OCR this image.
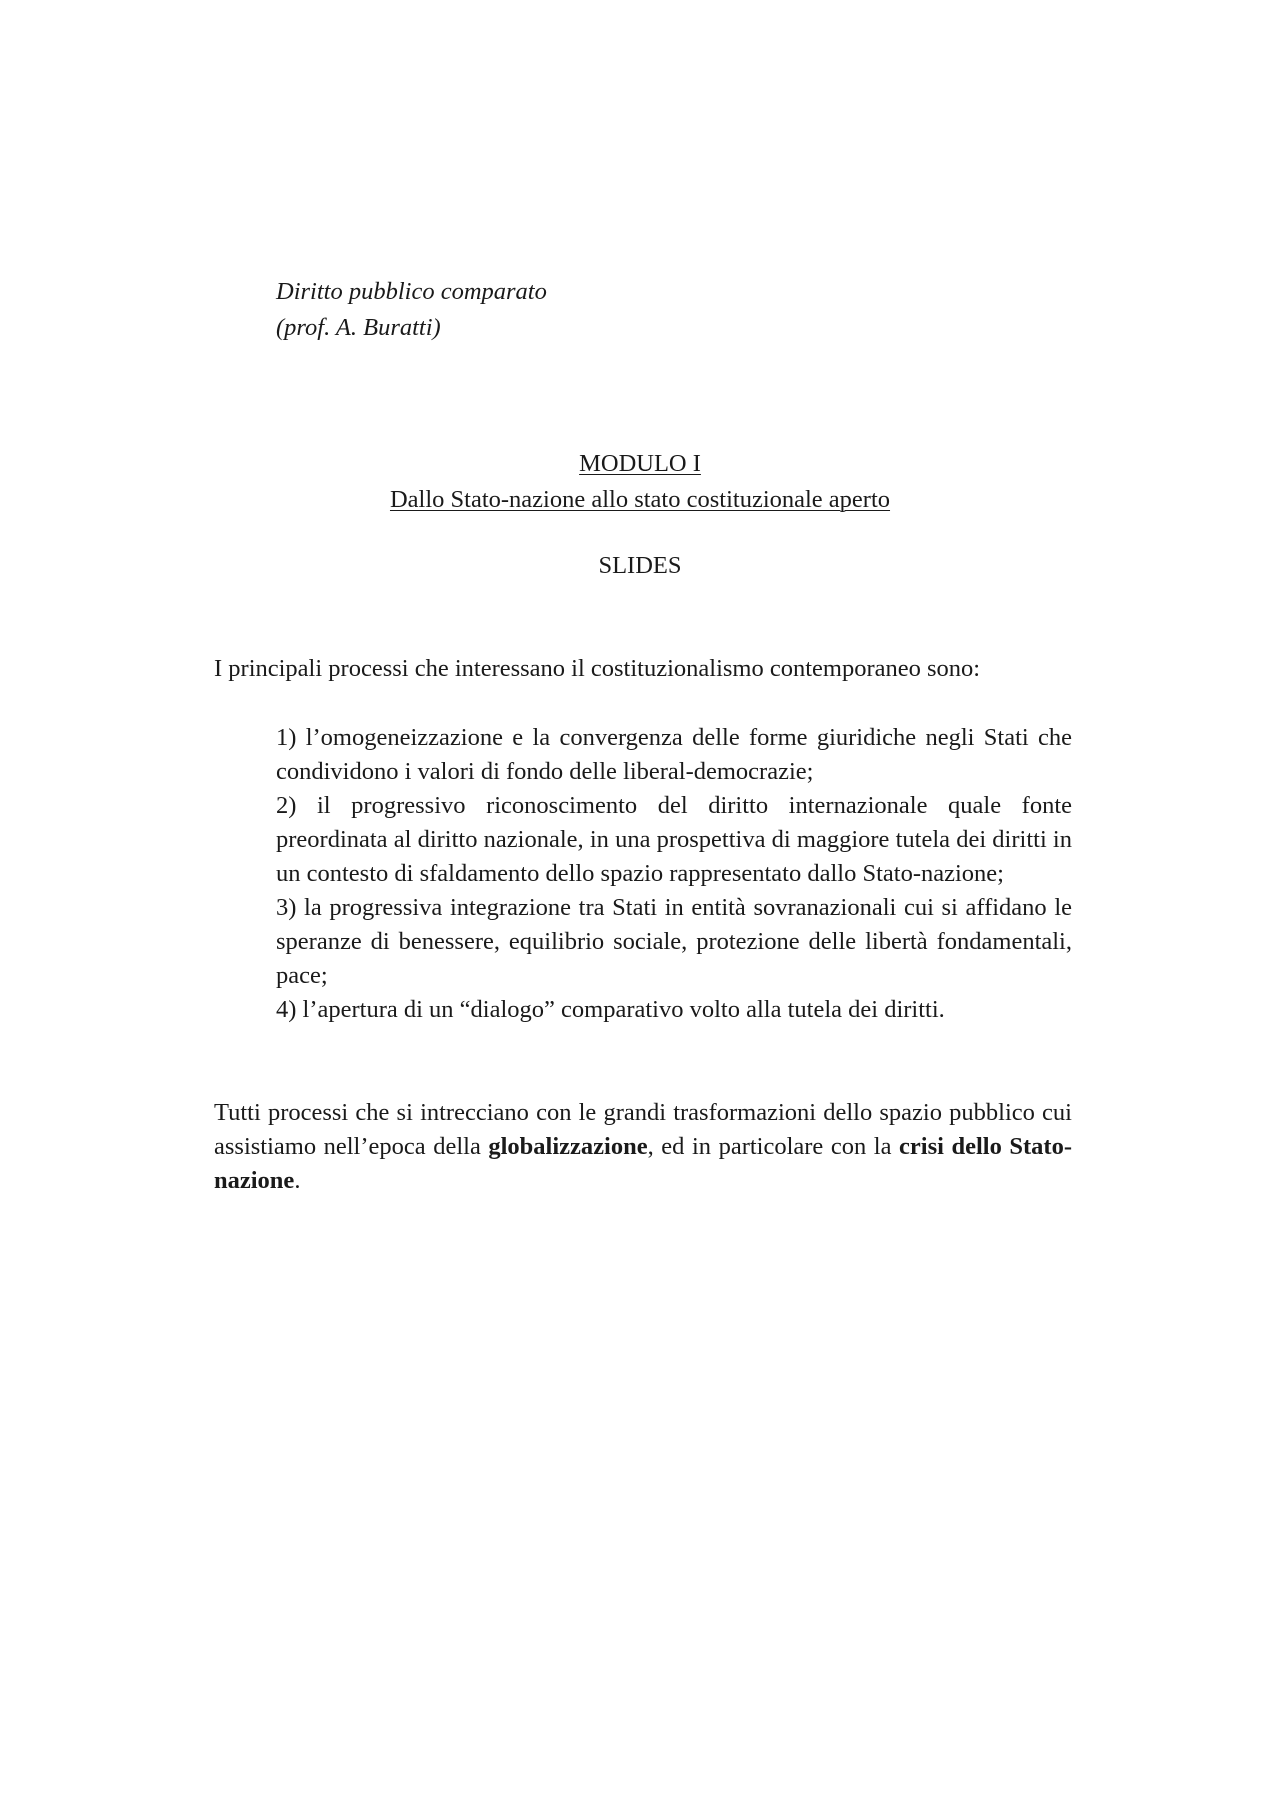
Diritto pubblico comparato
(prof. A. Buratti)
MODULO I
Dallo Stato-nazione allo stato costituzionale aperto
SLIDES
I principali processi che interessano il costituzionalismo contemporaneo sono:

1) l’omogeneizzazione e la convergenza delle forme giuridiche negli Stati che condividono i valori di fondo delle liberal-democrazie;

2) il progressivo riconoscimento del diritto internazionale quale fonte preordinata al diritto nazionale, in una prospettiva di maggiore tutela dei diritti in un contesto di sfaldamento dello spazio rappresentato dallo Stato-nazione;

3) la progressiva integrazione tra Stati in entità sovranazionali cui si affidano le speranze di benessere, equilibrio sociale, protezione delle libertà fondamentali, pace;

4) l’apertura di un “dialogo” comparativo volto alla tutela dei diritti.

Tutti processi che si intrecciano con le grandi trasformazioni dello spazio pubblico cui assistiamo nell’epoca della globalizzazione, ed in particolare con la crisi dello Stato-nazione.
